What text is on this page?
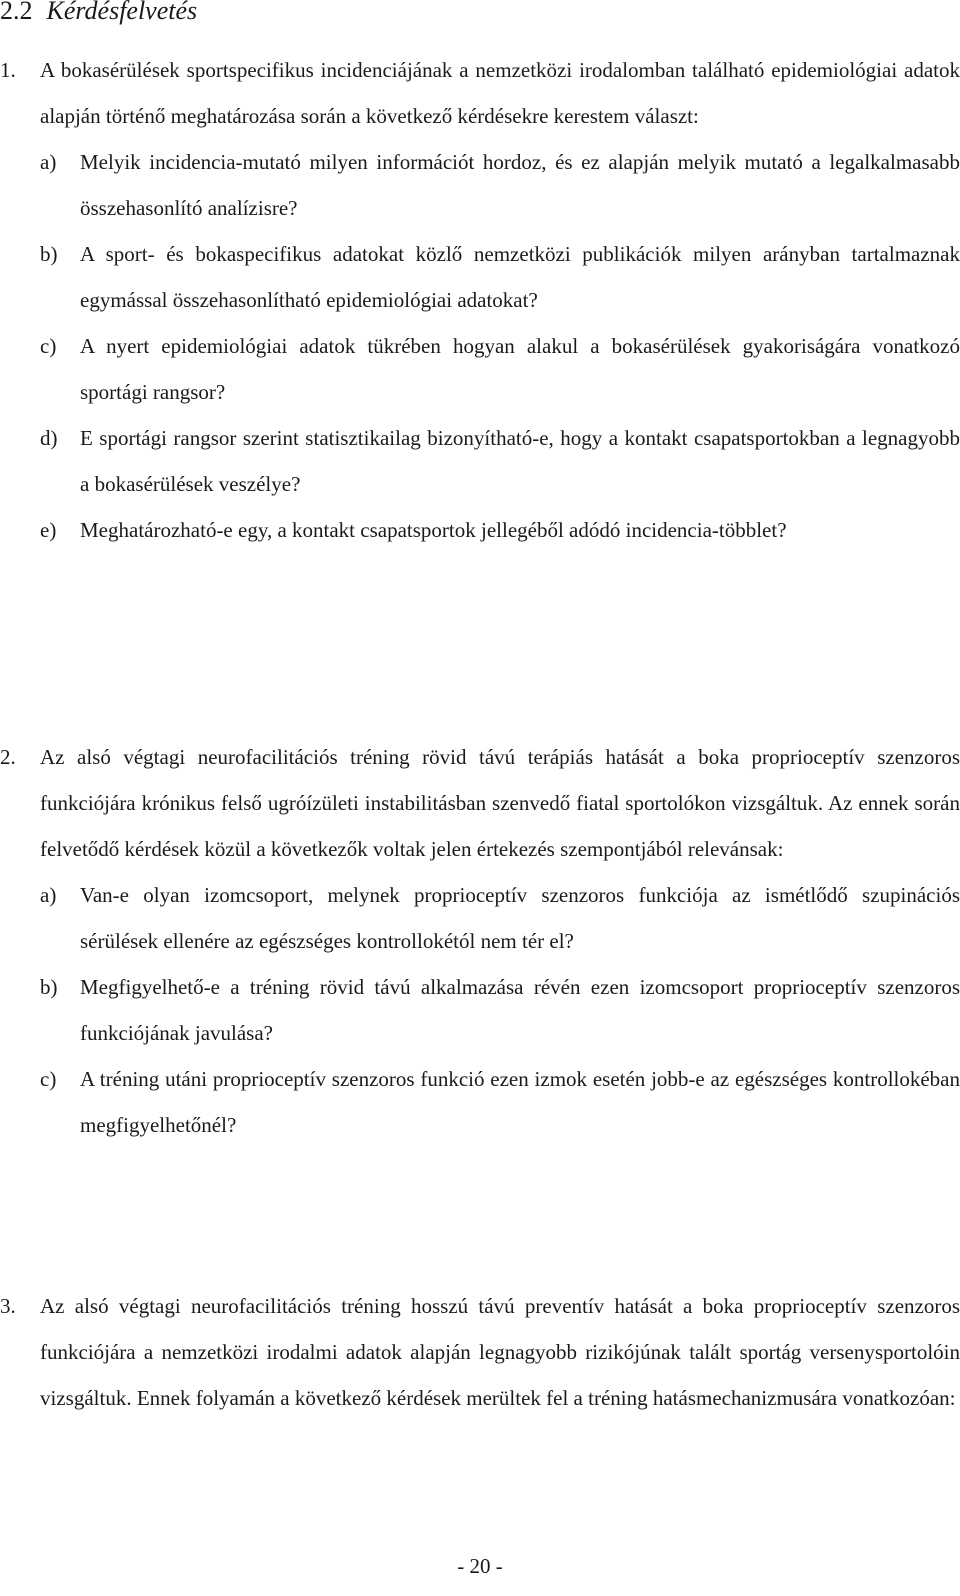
2.2 Kérdésfelvetés

1.	A bokasérülések sportspecifikus incidenciájának a nemzetközi irodalomban található epidemiológiai adatok alapján történő meghatározása során a következő kérdésekre kerestem választ:

a)	Melyik incidencia-mutató milyen információt hordoz, és ez alapján melyik mutató a legalkalmasabb összehasonlító analízisre?

b)	A sport- és bokaspecifikus adatokat közlő nemzetközi publikációk milyen arányban tartalmaznak egymással összehasonlítható epidemiológiai adatokat?

c)	A nyert epidemiológiai adatok tükrében hogyan alakul a bokasérülések gyakoriságára vonatkozó sportági rangsor?

d)	E sportági rangsor szerint statisztikailag bizonyítható-e, hogy a kontakt csapatsportokban a legnagyobb a bokasérülések veszélye?

e)	Meghatározható-e egy, a kontakt csapatsportok jellegéből adódó incidencia-többlet?

2.	Az alsó végtagi neurofacilitációs tréning rövid távú terápiás hatását a boka proprioceptív szenzoros funkciójára krónikus felső ugróízületi instabilitásban szenvedő fiatal sportolókon vizsgáltuk. Az ennek során felvetődő kérdések közül a következők voltak jelen értekezés szempontjából relevánsak:

a)	Van-e olyan izomcsoport, melynek proprioceptív szenzoros funkciója az ismétlődő szupinációs sérülések ellenére az egészséges kontrollokétól nem tér el?

b)	Megfigyelhető-e a tréning rövid távú alkalmazása révén ezen izomcsoport proprioceptív szenzoros funkciójának javulása?

c)	A tréning utáni proprioceptív szenzoros funkció ezen izmok esetén jobb-e az egészséges kontrollokéban megfigyelhetőnél?

3.	Az alsó végtagi neurofacilitációs tréning hosszú távú preventív hatását a boka proprioceptív szenzoros funkciójára a nemzetközi irodalmi adatok alapján legnagyobb rizikójúnak talált sportág versenysportolóin vizsgáltuk. Ennek folyamán a következő kérdések merültek fel a tréning hatásmechanizmusára vonatkozóan:

- 20 -
